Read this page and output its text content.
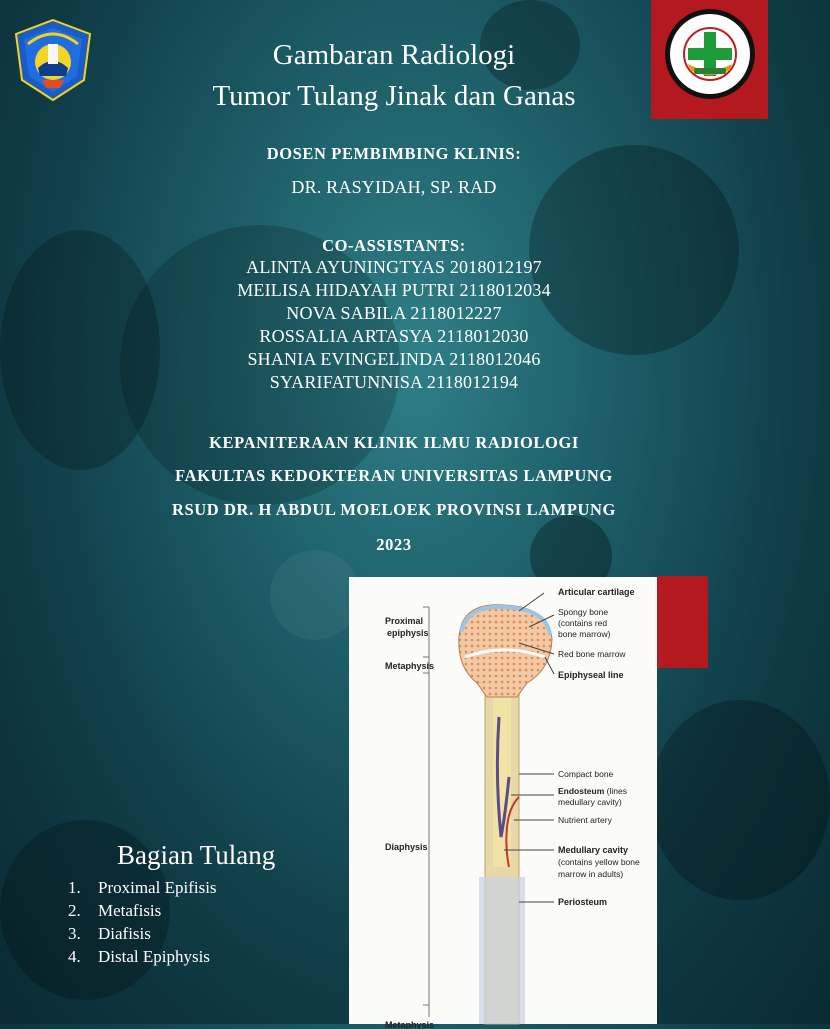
Gambaran Radiologi
Tumor Tulang Jinak dan Ganas
DOSEN PEMBIMBING KLINIS:
DR. RASYIDAH, SP. RAD
CO-ASSISTANTS:
ALINTA AYUNINGTYAS 2018012197
MEILISA HIDAYAH PUTRI 2118012034
NOVA SABILA 2118012227
ROSSALIA ARTASYA 2118012030
SHANIA EVINGELINDA 2118012046
SYARIFATUNNISA 2118012194
KEPANITERAAN KLINIK ILMU RADIOLOGI
FAKULTAS KEDOKTERAN UNIVERSITAS LAMPUNG
RSUD DR. H ABDUL MOELOEK PROVINSI LAMPUNG
2023
Bagian Tulang
1. Proximal Epifisis
2. Metafisis
3. Diafisis
4. Distal Epiphysis
Proximal
epiphysis
Metaphysis
Diaphysis
Metaphysis
Articular cartilage
Spongy bone
(contains red
bone marrow)
Red bone marrow
Epiphyseal line
Compact bone
Endosteum (lines
medullary cavity)
Nutrient artery
Medullary cavity
(contains yellow bone
marrow in adults)
Periosteum
